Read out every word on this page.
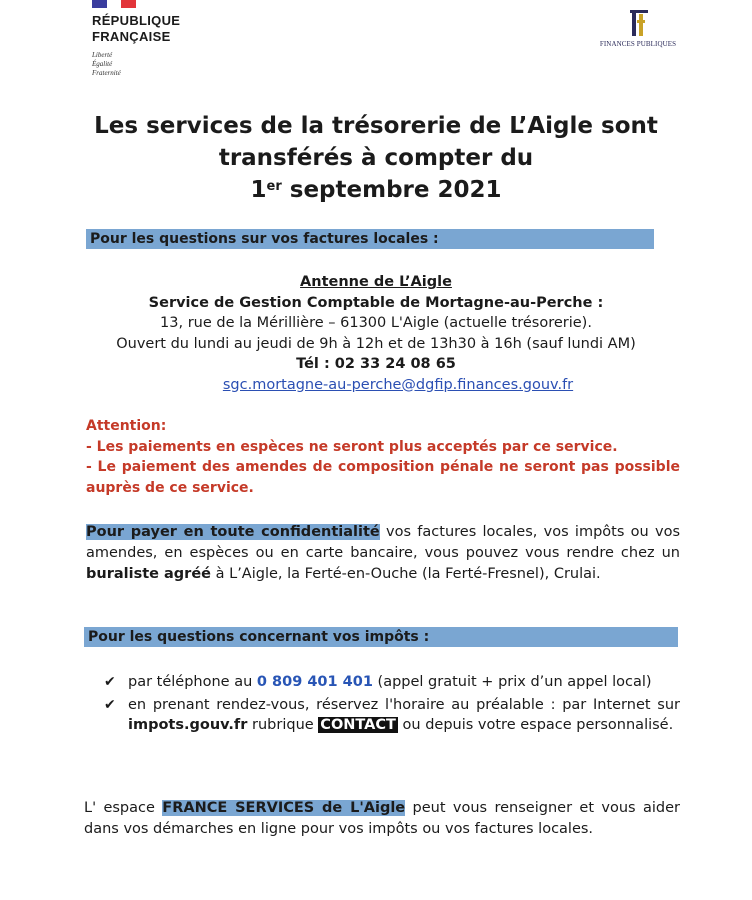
RÉPUBLIQUE
FRANÇAISE
Liberté
Égalité
Fraternité
FINANCES PUBLIQUES
Les services de la trésorerie de L’Aigle sont
transférés à compter du
1er septembre 2021
Pour les questions sur vos factures locales :
Antenne de L’Aigle
Service de Gestion Comptable de Mortagne-au-Perche :
13, rue de la Mérillière – 61300 L'Aigle (actuelle trésorerie).
Ouvert du lundi au jeudi de 9h à 12h et de 13h30 à 16h (sauf lundi AM)
Tél : 02 33 24 08 65
sgc.mortagne-au-perche@dgfip.finances.gouv.fr
Attention:
- Les paiements en espèces ne seront plus acceptés par ce service.
- Le paiement des amendes de composition pénale ne seront pas possible auprès de ce service.
Pour payer en toute confidentialité vos factures locales, vos impôts ou vos amendes, en espèces ou en carte bancaire, vous pouvez vous rendre chez un buraliste agréé à L’Aigle, la Ferté-en-Ouche (la Ferté-Fresnel), Crulai.
Pour les questions concernant vos impôts :
✔ par téléphone au 0 809 401 401 (appel gratuit + prix d’un appel local)
✔ en prenant rendez-vous, réservez l'horaire au préalable : par Internet sur impots.gouv.fr rubrique CONTACT ou depuis votre espace personnalisé.
L' espace FRANCE SERVICES de L'Aigle peut vous renseigner et vous aider dans vos démarches en ligne pour vos impôts ou vos factures locales.
